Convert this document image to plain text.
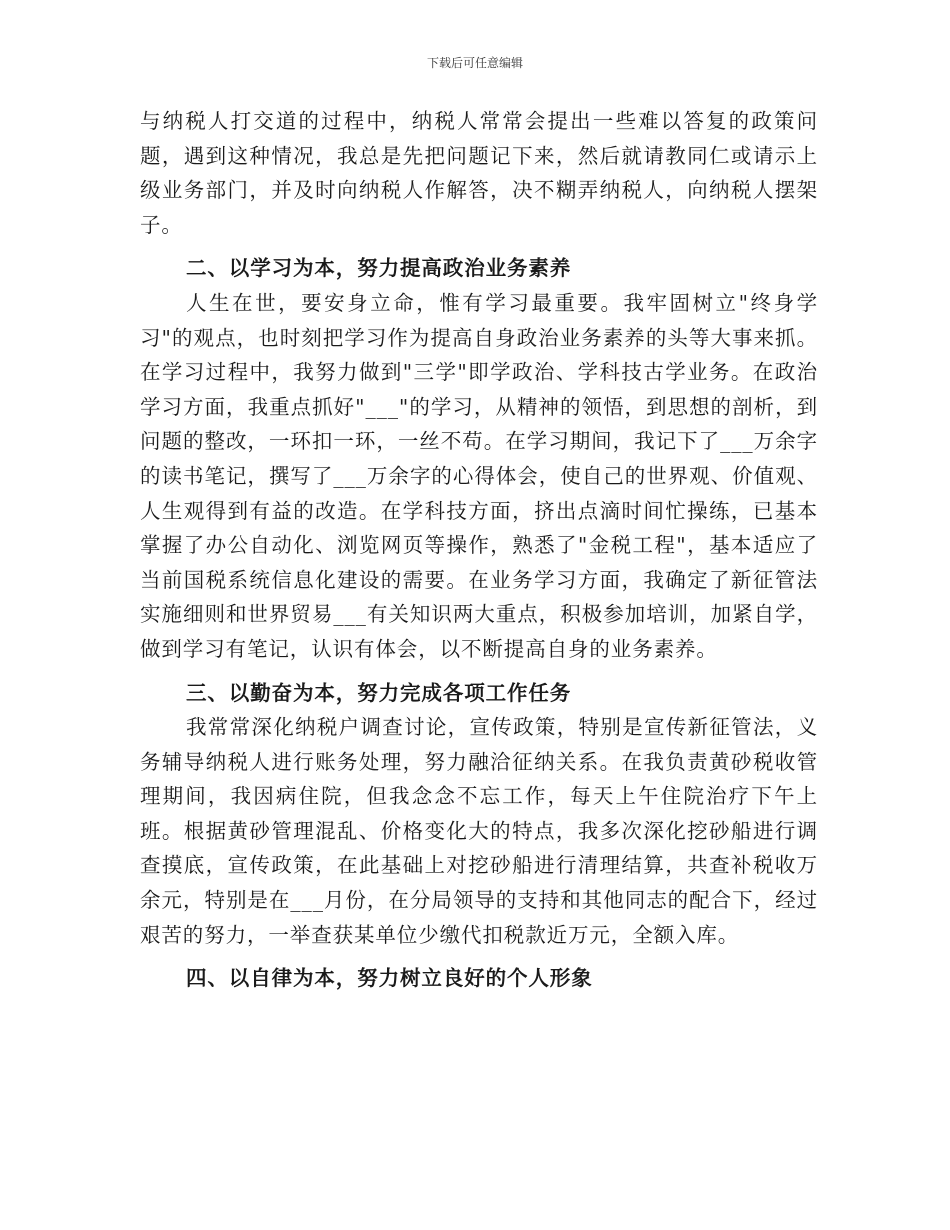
下载后可任意编辑

与纳税人打交道的过程中，纳税人常常会提出一些难以答复的政策问题，遇到这种情况，我总是先把问题记下来，然后就请教同仁或请示上级业务部门，并及时向纳税人作解答，决不糊弄纳税人，向纳税人摆架子。

二、以学习为本，努力提高政治业务素养

人生在世，要安身立命，惟有学习最重要。我牢固树立"终身学习"的观点，也时刻把学习作为提高自身政治业务素养的头等大事来抓。在学习过程中，我努力做到"三学"即学政治、学科技古学业务。在政治学习方面，我重点抓好"___"的学习，从精神的领悟，到思想的剖析，到问题的整改，一环扣一环，一丝不苟。在学习期间，我记下了___万余字的读书笔记，撰写了___万余字的心得体会，使自己的世界观、价值观、人生观得到有益的改造。在学科技方面，挤出点滴时间忙操练，已基本掌握了办公自动化、浏览网页等操作，熟悉了"金税工程"，基本适应了当前国税系统信息化建设的需要。在业务学习方面，我确定了新征管法实施细则和世界贸易___有关知识两大重点，积极参加培训，加紧自学，做到学习有笔记，认识有体会，以不断提高自身的业务素养。

三、以勤奋为本，努力完成各项工作任务

我常常深化纳税户调查讨论，宣传政策，特别是宣传新征管法，义务辅导纳税人进行账务处理，努力融洽征纳关系。在我负责黄砂税收管理期间，我因病住院，但我念念不忘工作，每天上午住院治疗下午上班。根据黄砂管理混乱、价格变化大的特点，我多次深化挖砂船进行调查摸底，宣传政策，在此基础上对挖砂船进行清理结算，共查补税收万余元，特别是在___月份，在分局领导的支持和其他同志的配合下，经过艰苦的努力，一举查获某单位少缴代扣税款近万元，全额入库。

四、以自律为本，努力树立良好的个人形象
